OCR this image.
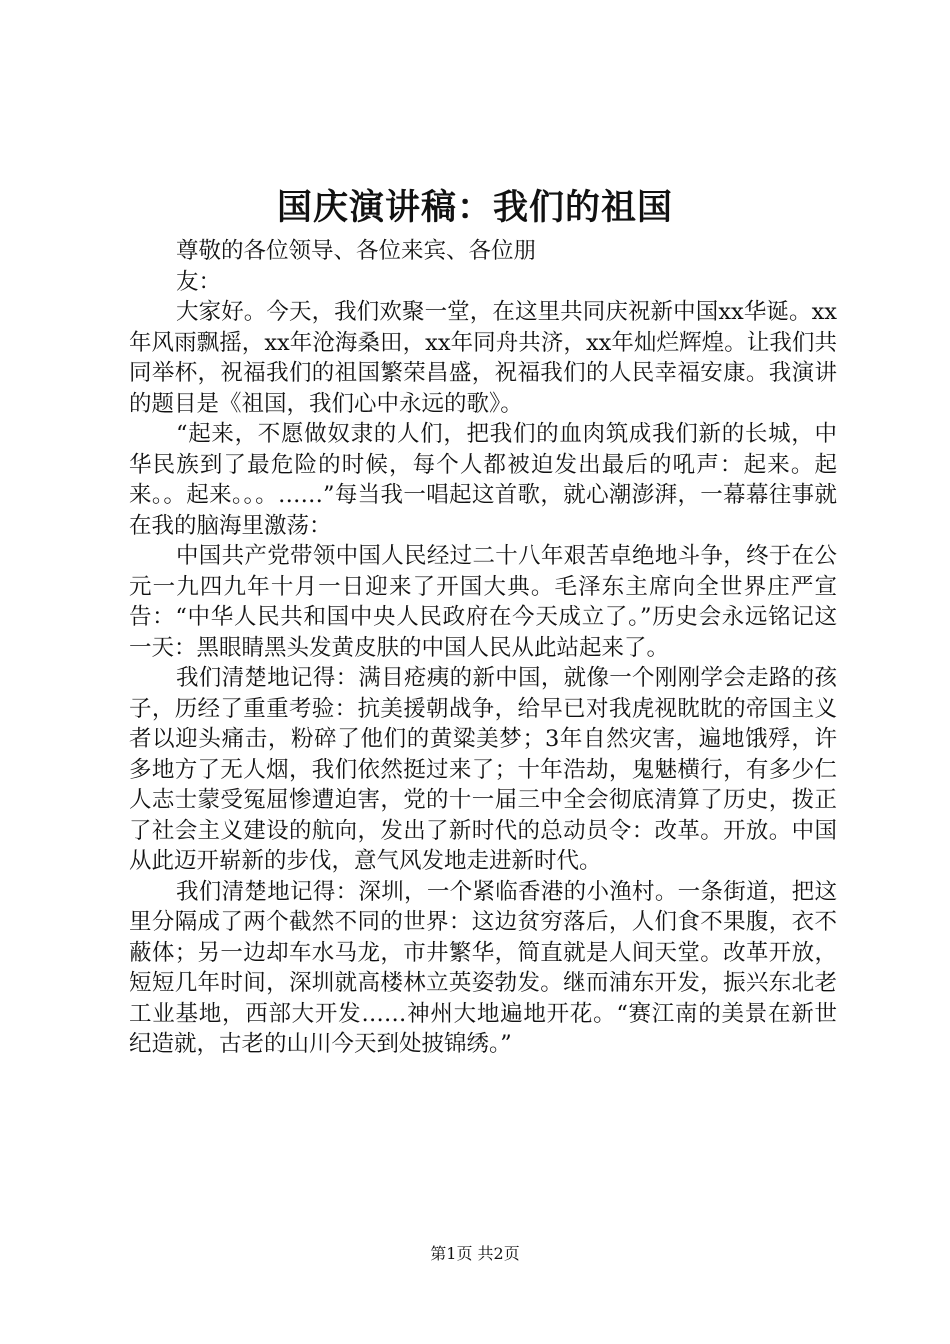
国庆演讲稿：我们的祖国

尊敬的各位领导、各位来宾、各位朋友：

大家好。今天，我们欢聚一堂，在这里共同庆祝新中国xx华诞。xx年风雨飘摇，xx年沧海桑田，xx年同舟共济，xx年灿烂辉煌。让我们共同举杯，祝福我们的祖国繁荣昌盛，祝福我们的人民幸福安康。我演讲的题目是《祖国，我们心中永远的歌》。

“起来，不愿做奴隶的人们，把我们的血肉筑成我们新的长城，中华民族到了最危险的时候，每个人都被迫发出最后的吼声：起来。起来。。起来。。。……”每当我一唱起这首歌，就心潮澎湃，一幕幕往事就在我的脑海里激荡：

中国共产党带领中国人民经过二十八年艰苦卓绝地斗争，终于在公元一九四九年十月一日迎来了开国大典。毛泽东主席向全世界庄严宣告：“中华人民共和国中央人民政府在今天成立了。”历史会永远铭记这一天：黑眼睛黑头发黄皮肤的中国人民从此站起来了。

我们清楚地记得：满目疮痍的新中国，就像一个刚刚学会走路的孩子，历经了重重考验：抗美援朝战争，给早已对我虎视眈眈的帝国主义者以迎头痛击，粉碎了他们的黄粱美梦；3年自然灾害，遍地饿殍，许多地方了无人烟，我们依然挺过来了；十年浩劫，鬼魅横行，有多少仁人志士蒙受冤屈惨遭迫害，党的十一届三中全会彻底清算了历史，拨正了社会主义建设的航向，发出了新时代的总动员令：改革。开放。中国从此迈开崭新的步伐，意气风发地走进新时代。

我们清楚地记得：深圳，一个紧临香港的小渔村。一条街道，把这里分隔成了两个截然不同的世界：这边贫穷落后，人们食不果腹，衣不蔽体；另一边却车水马龙，市井繁华，简直就是人间天堂。改革开放，短短几年时间，深圳就高楼林立英姿勃发。继而浦东开发，振兴东北老工业基地，西部大开发……神州大地遍地开花。“赛江南的美景在新世纪造就，古老的山川今天到处披锦绣。”

第1页 共2页
